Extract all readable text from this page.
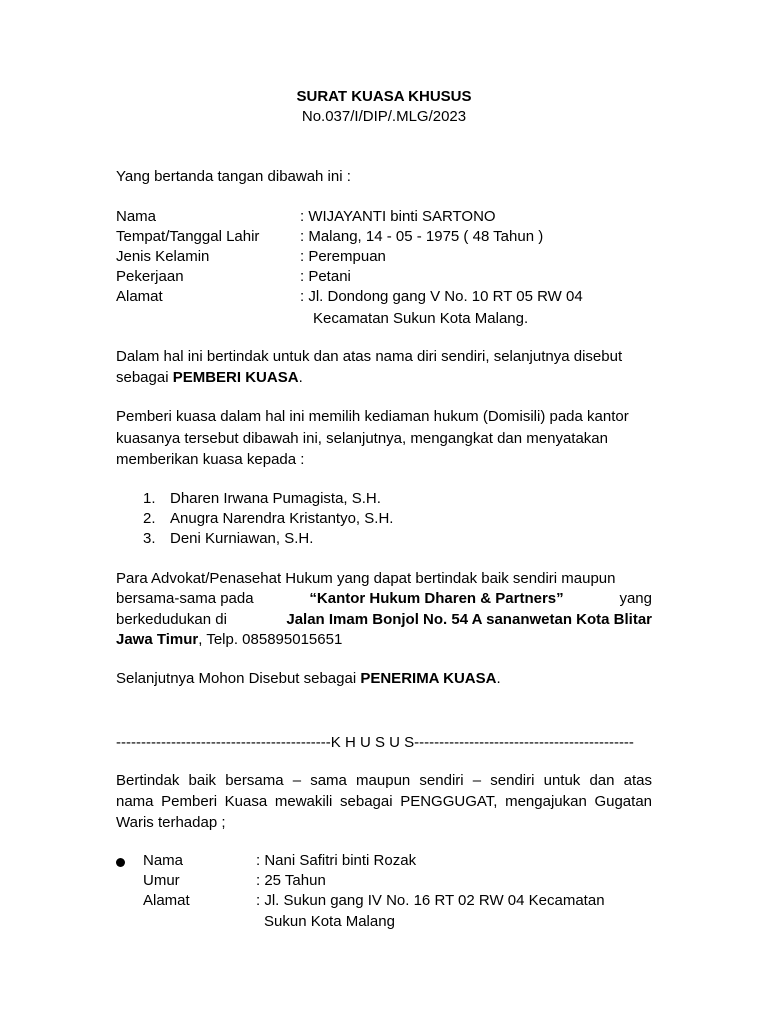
SURAT KUASA KHUSUS
No.037/I/DIP/.MLG/2023
Yang bertanda tangan dibawah ini :
Nama	: WIJAYANTI binti SARTONO
Tempat/Tanggal Lahir	: Malang, 14 - 05 - 1975 ( 48 Tahun )
Jenis Kelamin	: Perempuan
Pekerjaan	: Petani
Alamat	: Jl. Dondong gang V No. 10 RT 05 RW 04
Kecamatan Sukun Kota Malang.
Dalam hal ini bertindak untuk dan atas nama diri sendiri, selanjutnya disebut
sebagai PEMBERI KUASA.
Pemberi kuasa dalam hal ini memilih kediaman hukum (Domisili) pada kantor
kuasanya tersebut dibawah ini, selanjutnya, mengangkat dan menyatakan
memberikan kuasa kepada :
1. Dharen Irwana Pumagista, S.H.
2. Anugra Narendra Kristantyo, S.H.
3. Deni Kurniawan, S.H.
Para Advokat/Penasehat Hukum yang dapat bertindak baik sendiri maupun
bersama-sama pada	“Kantor Hukum Dharen & Partners”	yang
berkedudukan di	Jalan Imam Bonjol No. 54 A sananwetan Kota Blitar
Jawa Timur, Telp. 085895015651
Selanjutnya Mohon Disebut sebagai PENERIMA KUASA.
-------------------------------------------K H U S U S--------------------------------------------
Bertindak baik bersama – sama maupun sendiri – sendiri untuk dan atas
nama Pemberi Kuasa mewakili sebagai PENGGUGAT, mengajukan Gugatan
Waris terhadap ;
Nama	: Nani Safitri binti Rozak
Umur	: 25 Tahun
Alamat	: Jl. Sukun gang IV No. 16 RT 02 RW 04 Kecamatan
Sukun Kota Malang
